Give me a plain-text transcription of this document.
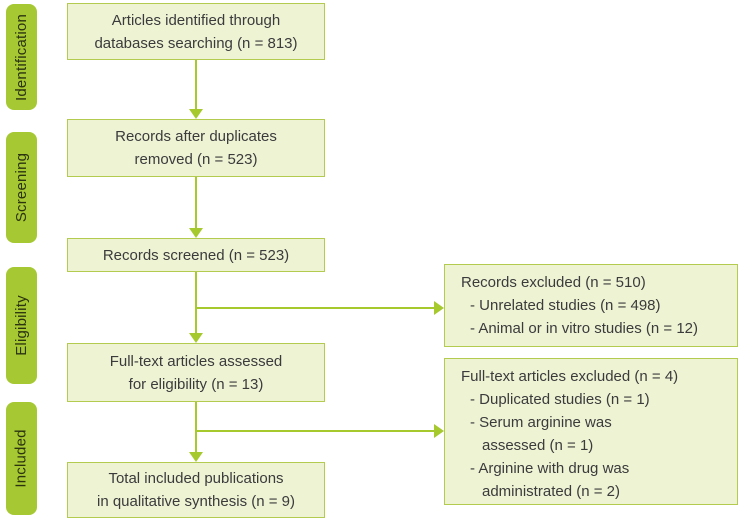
Identification
Screening
Eligibility
Included
Articles identified through
databases searching (n = 813)
Records after duplicates
removed (n = 523)
Records screened (n = 523)
Full-text articles assessed
for eligibility (n = 13)
Total included publications
in qualitative synthesis (n = 9)
Records excluded (n = 510)
- Unrelated studies (n = 498)
- Animal or in vitro studies (n = 12)
Full-text articles excluded (n = 4)
- Duplicated studies (n = 1)
- Serum arginine was
assessed (n = 1)
- Arginine with drug was
administrated (n = 2)
